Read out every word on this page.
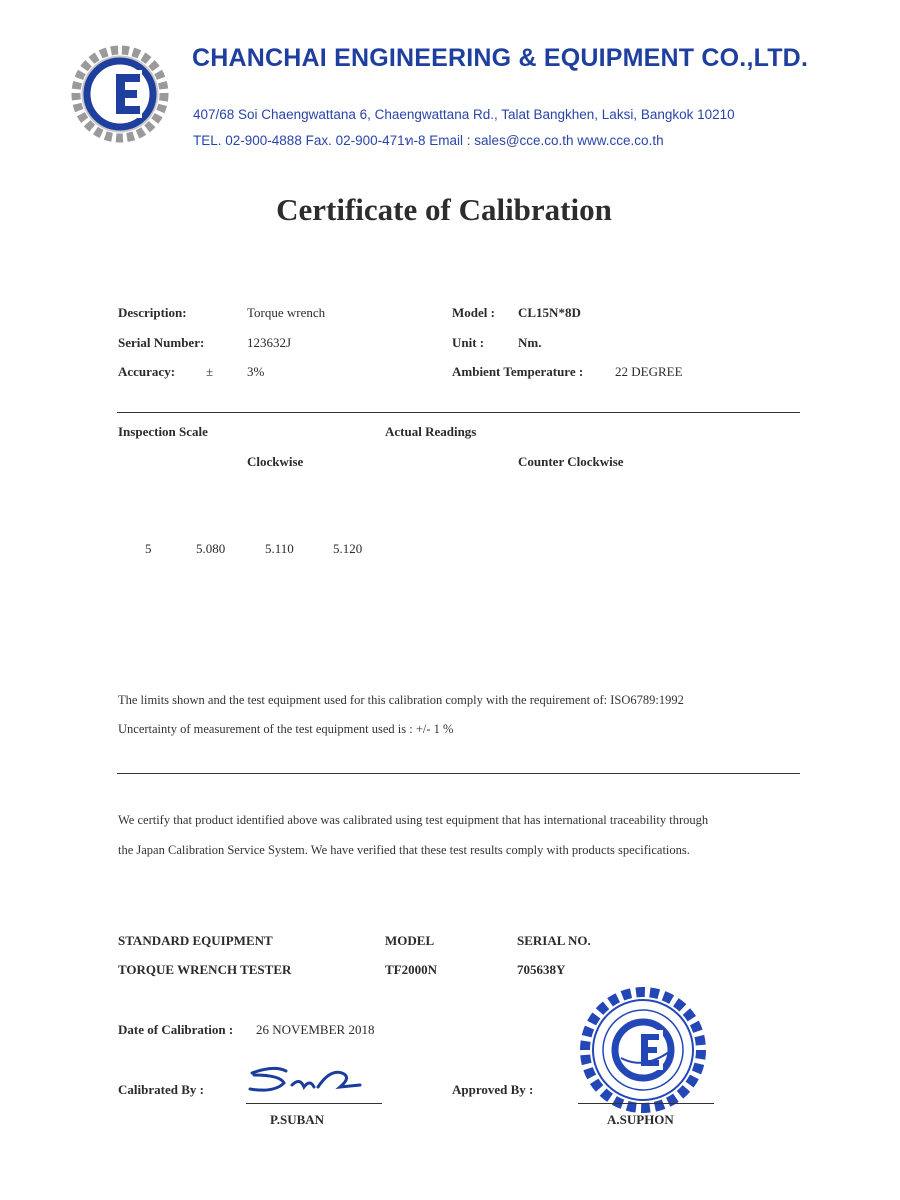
CHANCHAI ENGINEERING & EQUIPMENT CO.,LTD.
407/68 Soi Chaengwattana 6, Chaengwattana Rd., Talat Bangkhen, Laksi, Bangkok 10210
TEL. 02-900-4888 Fax. 02-900-471ท-8 Email : sales@cce.co.th www.cce.co.th
Certificate of Calibration
Description:	Torque wrench	Model : CL15N*8D
Serial Number:	123632J	Unit :	Nm.
Accuracy: ±	3%	Ambient Temperature : 22 DEGREE
Inspection Scale	Actual Readings
Clockwise	Counter Clockwise
5	5.080	5.110	5.120
The limits shown and the test equipment used for this calibration comply with the requirement of: ISO6789:1992
Uncertainty of measurement of the test equipment used is : +/- 1 %
We certify that product identified above was calibrated using test equipment that has international traceability through
the Japan Calibration Service System. We have verified that these test results comply with products specifications.
STANDARD EQUIPMENT	MODEL	SERIAL NO.
TORQUE WRENCH TESTER	TF2000N	705638Y
Date of Calibration : 26 NOVEMBER 2018
Calibrated By :
P.SUBAN
Approved By :
A.SUPHON
